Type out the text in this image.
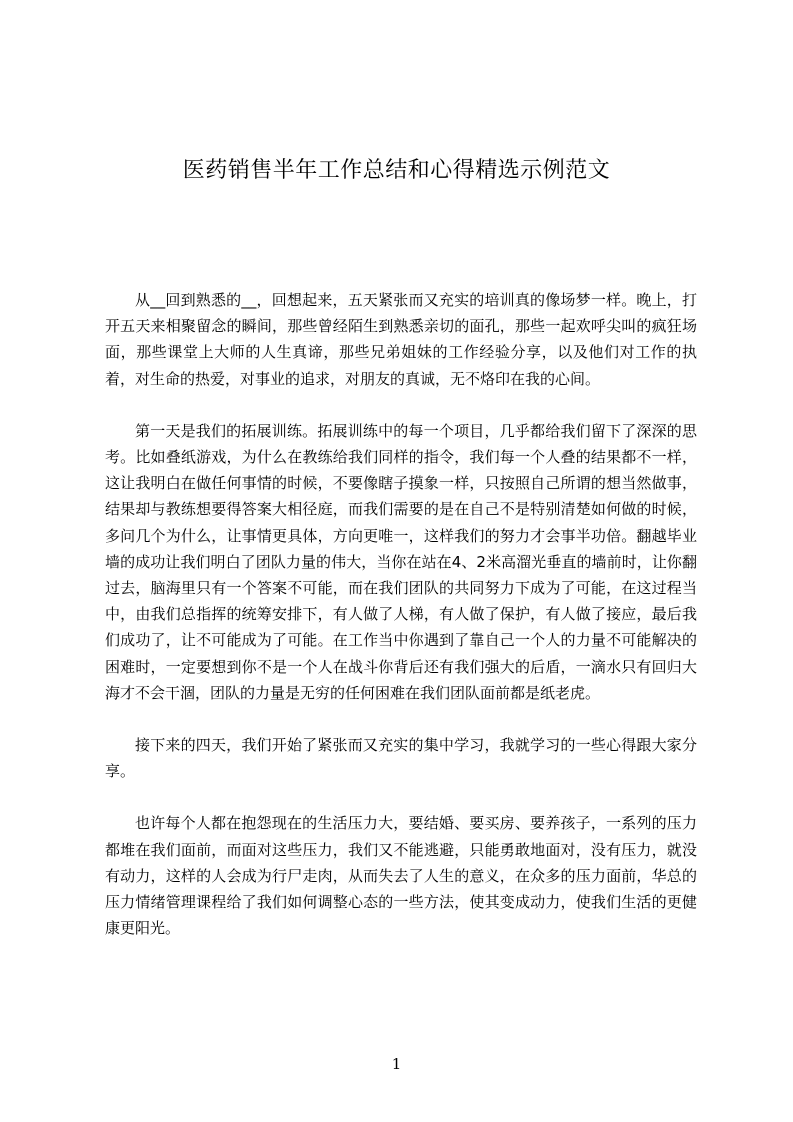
医药销售半年工作总结和心得精选示例范文

从__回到熟悉的__，回想起来，五天紧张而又充实的培训真的像场梦一样。晚上，打开五天来相聚留念的瞬间，那些曾经陌生到熟悉亲切的面孔，那些一起欢呼尖叫的疯狂场面，那些课堂上大师的人生真谛，那些兄弟姐妹的工作经验分享，以及他们对工作的执着，对生命的热爱，对事业的追求，对朋友的真诚，无不烙印在我的心间。

第一天是我们的拓展训练。拓展训练中的每一个项目，几乎都给我们留下了深深的思考。比如叠纸游戏，为什么在教练给我们同样的指令，我们每一个人叠的结果都不一样，这让我明白在做任何事情的时候，不要像瞎子摸象一样，只按照自己所谓的想当然做事，结果却与教练想要得答案大相径庭，而我们需要的是在自己不是特别清楚如何做的时候，多问几个为什么，让事情更具体，方向更唯一，这样我们的努力才会事半功倍。翻越毕业墙的成功让我们明白了团队力量的伟大，当你在站在4、2米高溜光垂直的墙前时，让你翻过去，脑海里只有一个答案不可能，而在我们团队的共同努力下成为了可能，在这过程当中，由我们总指挥的统筹安排下，有人做了人梯，有人做了保护，有人做了接应，最后我们成功了，让不可能成为了可能。在工作当中你遇到了靠自己一个人的力量不可能解决的困难时，一定要想到你不是一个人在战斗你背后还有我们强大的后盾，一滴水只有回归大海才不会干涸，团队的力量是无穷的任何困难在我们团队面前都是纸老虎。

接下来的四天，我们开始了紧张而又充实的集中学习，我就学习的一些心得跟大家分享。

也许每个人都在抱怨现在的生活压力大，要结婚、要买房、要养孩子，一系列的压力都堆在我们面前，而面对这些压力，我们又不能逃避，只能勇敢地面对，没有压力，就没有动力，这样的人会成为行尸走肉，从而失去了人生的意义，在众多的压力面前，华总的压力情绪管理课程给了我们如何调整心态的一些方法，使其变成动力，使我们生活的更健康更阳光。

1
